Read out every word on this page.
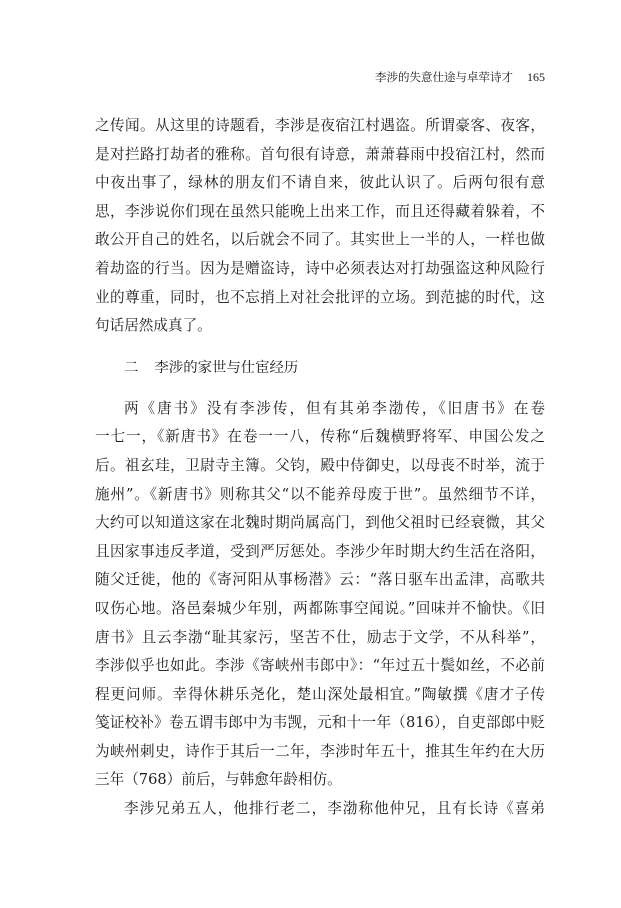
李涉的失意仕途与卓荦诗才 165

之传闻。从这里的诗题看，李涉是夜宿江村遇盗。所谓豪客、夜客，
是对拦路打劫者的雅称。首句很有诗意，萧萧暮雨中投宿江村，然而
中夜出事了，绿林的朋友们不请自来，彼此认识了。后两句很有意
思，李涉说你们现在虽然只能晚上出来工作，而且还得藏着躲着，不
敢公开自己的姓名，以后就会不同了。其实世上一半的人，一样也做
着劫盗的行当。因为是赠盗诗，诗中必须表达对打劫强盗这种风险行
业的尊重，同时，也不忘捎上对社会批评的立场。到范摅的时代，这
句话居然成真了。

二 李涉的家世与仕宦经历

两《唐书》没有李涉传，但有其弟李渤传，《旧唐书》在卷
一七一，《新唐书》在卷一一八，传称“后魏横野将军、申国公发之
后。祖玄珪，卫尉寺主簿。父钧，殿中侍御史，以母丧不时举，流于
施州”。《新唐书》则称其父“以不能养母废于世”。虽然细节不详，
大约可以知道这家在北魏时期尚属高门，到他父祖时已经衰微，其父
且因家事违反孝道，受到严厉惩处。李涉少年时期大约生活在洛阳，
随父迁徙，他的《寄河阳从事杨潜》云：“落日驱车出孟津，高歌共
叹伤心地。洛邑秦城少年别，两都陈事空闻说。”回味并不愉快。《旧
唐书》且云李渤“耻其家污，坚苦不仕，励志于文学，不从科举”，
李涉似乎也如此。李涉《寄峡州韦郎中》：“年过五十鬓如丝，不必前
程更问师。幸得休耕乐尧化，楚山深处最相宜。”陶敏撰《唐才子传
笺证校补》卷五谓韦郎中为韦觊，元和十一年（816），自吏部郎中贬
为峡州刺史，诗作于其后一二年，李涉时年五十，推其生年约在大历
三年（768）前后，与韩愈年龄相仿。

李涉兄弟五人，他排行老二，李渤称他仲兄，且有长诗《喜弟
